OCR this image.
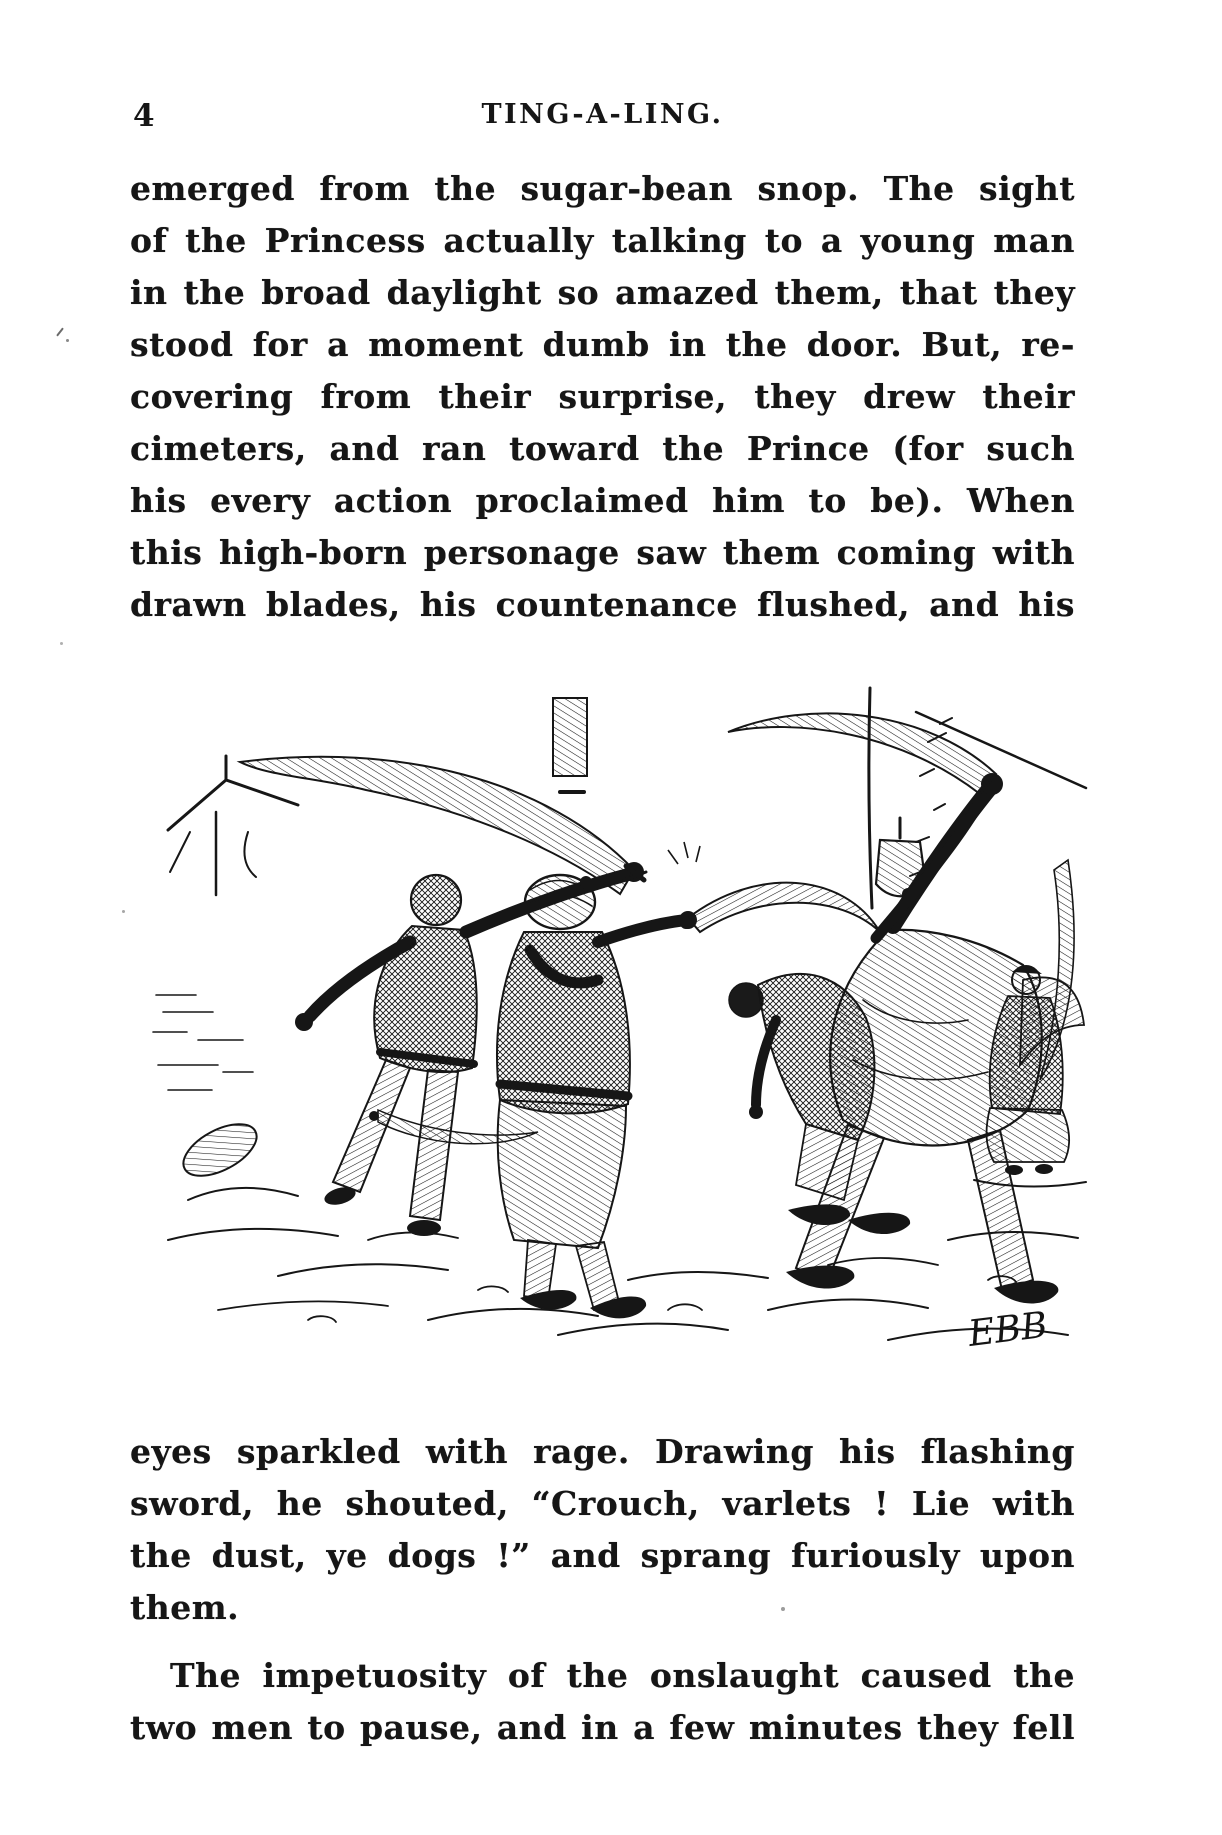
4	TING-A-LING.
emerged from the sugar-bean snop. The sight
of the Princess actually talking to a young man
in the broad daylight so amazed them, that they
stood for a moment dumb in the door. But, re-
covering from their surprise, they drew their
cimeters, and ran toward the Prince (for such
his every action proclaimed him to be). When
this high-born personage saw them coming with
drawn blades, his countenance flushed, and his
EBB
eyes sparkled with rage. Drawing his flashing
sword, he shouted, “Crouch, varlets ! Lie with
the dust, ye dogs !” and sprang furiously upon
them.
The impetuosity of the onslaught caused the
two men to pause, and in a few minutes they fell
